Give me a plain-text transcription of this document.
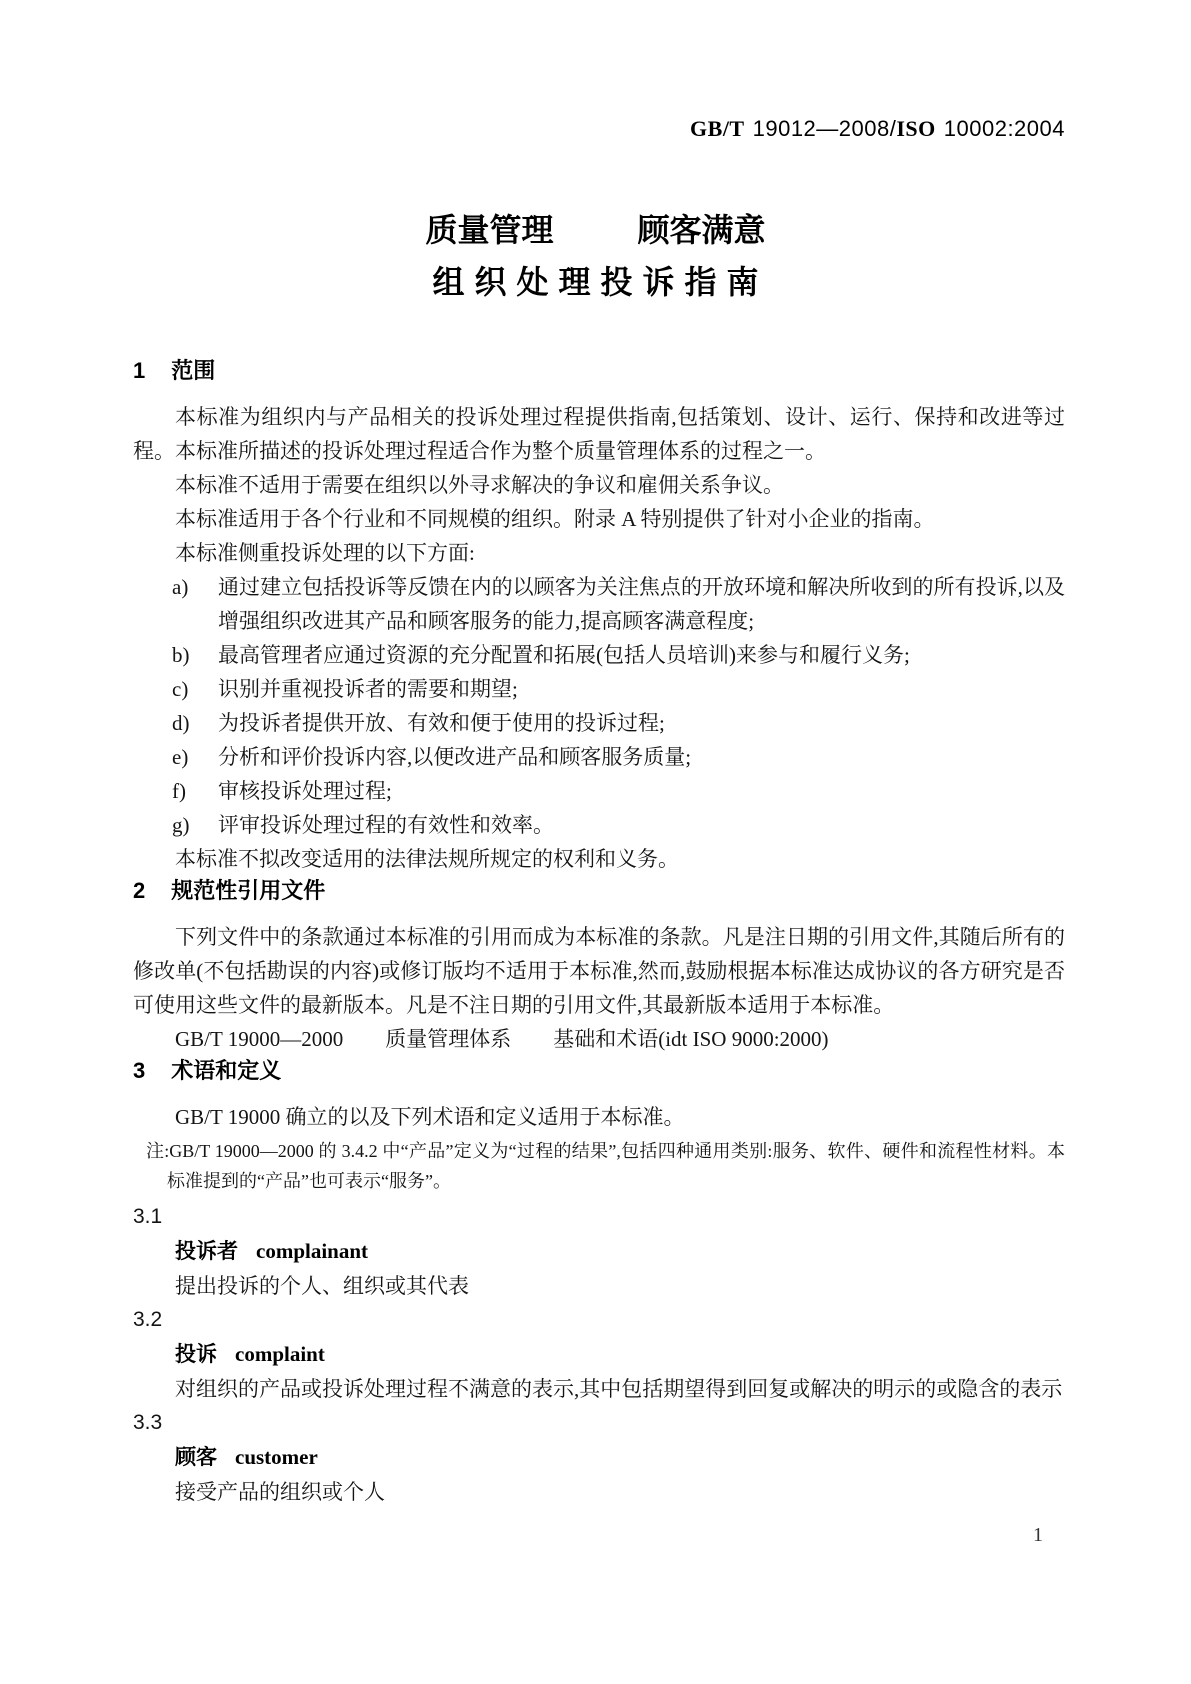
GB/T 19012—2008/ISO 10002:2004
质量管理	顾客满意
组织处理投诉指南
1 范围

本标准为组织内与产品相关的投诉处理过程提供指南,包括策划、设计、运行、保持和改进等过程。本标准所描述的投诉处理过程适合作为整个质量管理体系的过程之一。

本标准不适用于需要在组织以外寻求解决的争议和雇佣关系争议。

本标准适用于各个行业和不同规模的组织。附录 A 特别提供了针对小企业的指南。

本标准侧重投诉处理的以下方面:

a) 通过建立包括投诉等反馈在内的以顾客为关注焦点的开放环境和解决所收到的所有投诉,以及增强组织改进其产品和顾客服务的能力,提高顾客满意程度;
b) 最高管理者应通过资源的充分配置和拓展(包括人员培训)来参与和履行义务;
c) 识别并重视投诉者的需要和期望;
d) 为投诉者提供开放、有效和便于使用的投诉过程;
e) 分析和评价投诉内容,以便改进产品和顾客服务质量;
f) 审核投诉处理过程;
g) 评审投诉处理过程的有效性和效率。

本标准不拟改变适用的法律法规所规定的权利和义务。

2 规范性引用文件

下列文件中的条款通过本标准的引用而成为本标准的条款。凡是注日期的引用文件,其随后所有的修改单(不包括勘误的内容)或修订版均不适用于本标准,然而,鼓励根据本标准达成协议的各方研究是否可使用这些文件的最新版本。凡是不注日期的引用文件,其最新版本适用于本标准。

GB/T 19000—2000　　质量管理体系　　基础和术语(idt ISO 9000:2000)

3 术语和定义

GB/T 19000 确立的以及下列术语和定义适用于本标准。

注:GB/T 19000—2000 的 3.4.2 中“产品”定义为“过程的结果”,包括四种通用类别:服务、软件、硬件和流程性材料。本标准提到的“产品”也可表示“服务”。

3.1

投诉者 complainant

提出投诉的个人、组织或其代表

3.2

投诉 complaint

对组织的产品或投诉处理过程不满意的表示,其中包括期望得到回复或解决的明示的或隐含的表示

3.3

顾客 customer

接受产品的组织或个人

1
